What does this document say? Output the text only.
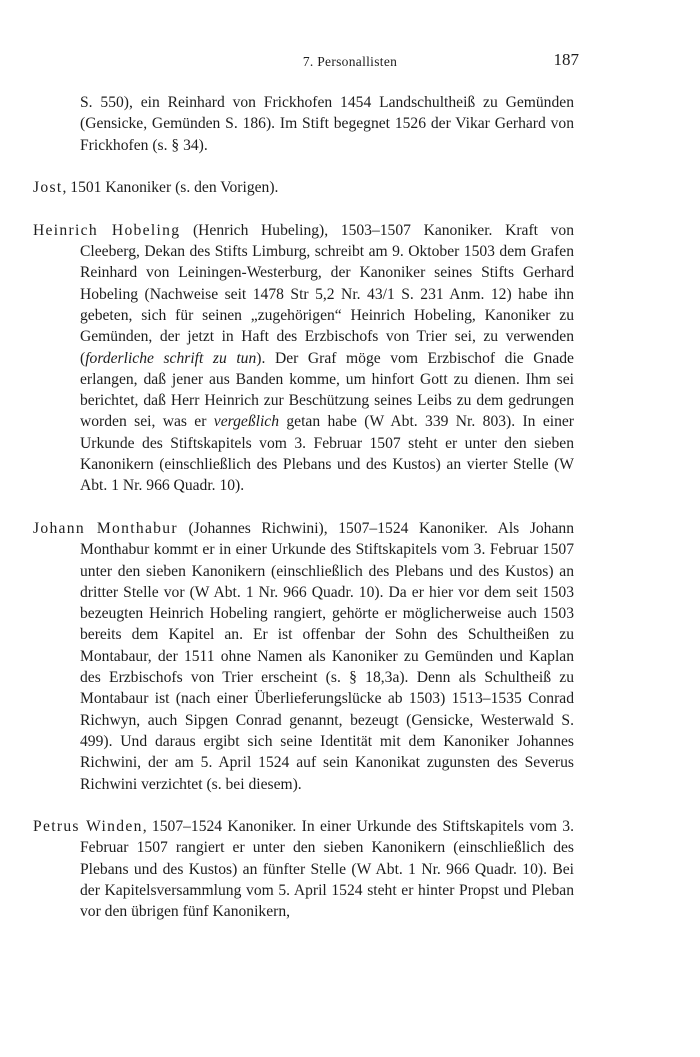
7. Personallisten	187

S. 550), ein Reinhard von Frickhofen 1454 Landschultheiß zu Gemünden (Gensicke, Gemünden S. 186). Im Stift begegnet 1526 der Vikar Gerhard von Frickhofen (s. § 34).

Jost, 1501 Kanoniker (s. den Vorigen).

Heinrich Hobeling (Henrich Hubeling), 1503–1507 Kanoniker. Kraft von Cleeberg, Dekan des Stifts Limburg, schreibt am 9. Oktober 1503 dem Grafen Reinhard von Leiningen-Westerburg, der Kanoniker seines Stifts Gerhard Hobeling (Nachweise seit 1478 Str 5,2 Nr. 43/1 S. 231 Anm. 12) habe ihn gebeten, sich für seinen „zugehörigen“ Heinrich Hobeling, Kanoniker zu Gemünden, der jetzt in Haft des Erzbischofs von Trier sei, zu verwenden (forderliche schrift zu tun). Der Graf möge vom Erzbischof die Gnade erlangen, daß jener aus Banden komme, um hinfort Gott zu dienen. Ihm sei berichtet, daß Herr Heinrich zur Beschützung seines Leibs zu dem gedrungen worden sei, was er vergeßlich getan habe (W Abt. 339 Nr. 803). In einer Urkunde des Stiftskapitels vom 3. Februar 1507 steht er unter den sieben Kanonikern (einschließlich des Plebans und des Kustos) an vierter Stelle (W Abt. 1 Nr. 966 Quadr. 10).

Johann Monthabur (Johannes Richwini), 1507–1524 Kanoniker. Als Johann Monthabur kommt er in einer Urkunde des Stiftskapitels vom 3. Februar 1507 unter den sieben Kanonikern (einschließlich des Plebans und des Kustos) an dritter Stelle vor (W Abt. 1 Nr. 966 Quadr. 10). Da er hier vor dem seit 1503 bezeugten Heinrich Hobeling rangiert, gehörte er möglicherweise auch 1503 bereits dem Kapitel an. Er ist offenbar der Sohn des Schultheißen zu Montabaur, der 1511 ohne Namen als Kanoniker zu Gemünden und Kaplan des Erzbischofs von Trier erscheint (s. § 18,3a). Denn als Schultheiß zu Montabaur ist (nach einer Überlieferungslücke ab 1503) 1513–1535 Conrad Richwyn, auch Sipgen Conrad genannt, bezeugt (Gensicke, Westerwald S. 499). Und daraus ergibt sich seine Identität mit dem Kanoniker Johannes Richwini, der am 5. April 1524 auf sein Kanonikat zugunsten des Severus Richwini verzichtet (s. bei diesem).

Petrus Winden, 1507–1524 Kanoniker. In einer Urkunde des Stiftskapitels vom 3. Februar 1507 rangiert er unter den sieben Kanonikern (einschließlich des Plebans und des Kustos) an fünfter Stelle (W Abt. 1 Nr. 966 Quadr. 10). Bei der Kapitelsversammlung vom 5. April 1524 steht er hinter Propst und Pleban vor den übrigen fünf Kanonikern,
